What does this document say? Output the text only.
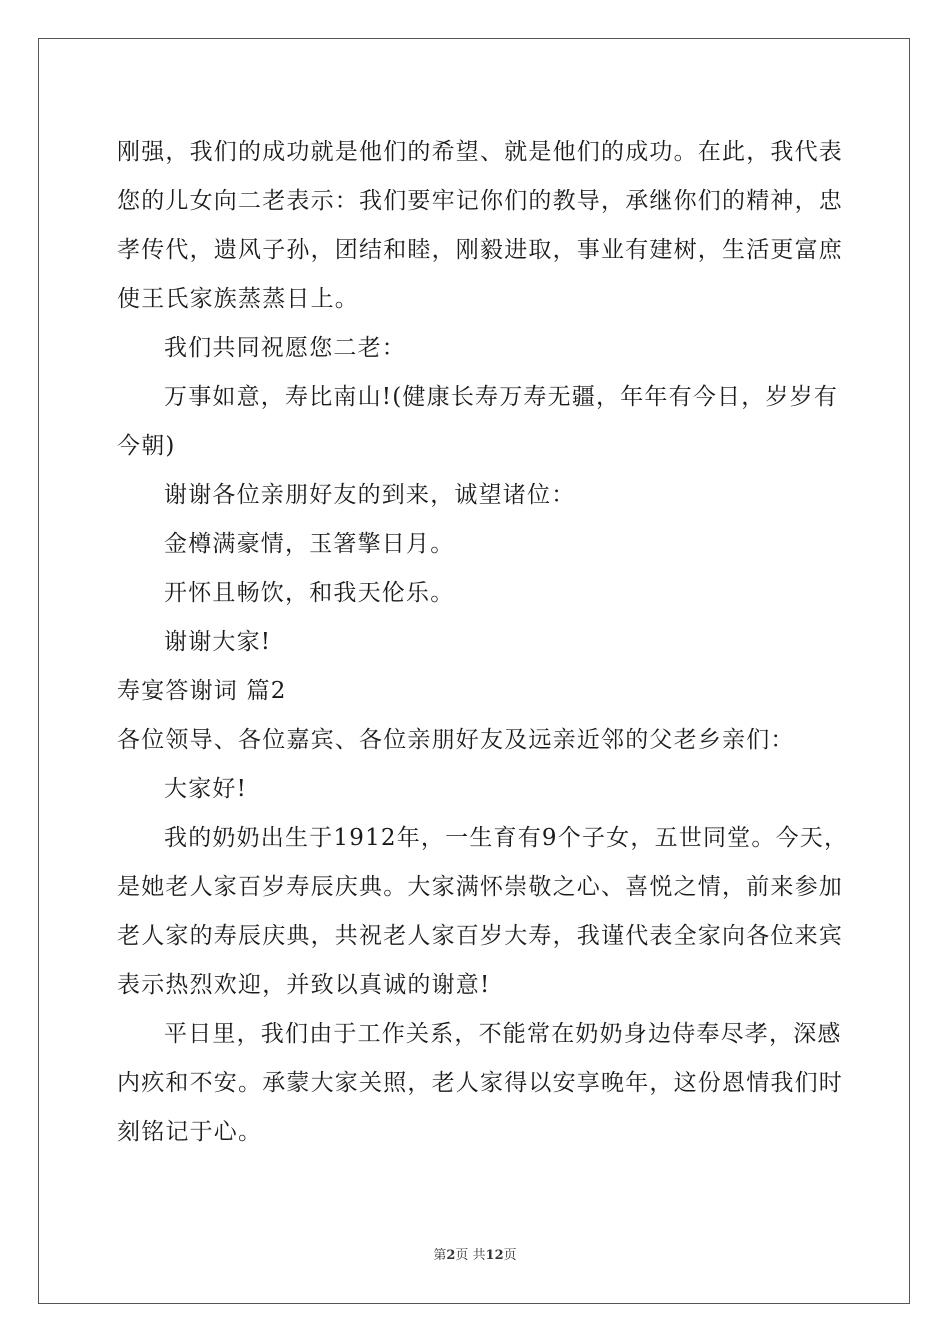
刚强，我们的成功就是他们的希望、就是他们的成功。在此，我代表
您的儿女向二老表示：我们要牢记你们的教导，承继你们的精神，忠
孝传代，遗风子孙，团结和睦，刚毅进取，事业有建树，生活更富庶
使王氏家族蒸蒸日上。
我们共同祝愿您二老：
万事如意，寿比南山!(健康长寿万寿无疆，年年有今日，岁岁有
今朝)
谢谢各位亲朋好友的到来，诚望诸位：
金樽满豪情，玉箸擎日月。
开怀且畅饮，和我天伦乐。
谢谢大家!
寿宴答谢词 篇2
各位领导、各位嘉宾、各位亲朋好友及远亲近邻的父老乡亲们：
大家好!
我的奶奶出生于1912年，一生育有9个子女，五世同堂。今天，
是她老人家百岁寿辰庆典。大家满怀崇敬之心、喜悦之情，前来参加
老人家的寿辰庆典，共祝老人家百岁大寿，我谨代表全家向各位来宾
表示热烈欢迎，并致以真诚的谢意!
平日里，我们由于工作关系，不能常在奶奶身边侍奉尽孝，深感
内疚和不安。承蒙大家关照，老人家得以安享晚年，这份恩情我们时
刻铭记于心。
第2页 共12页
